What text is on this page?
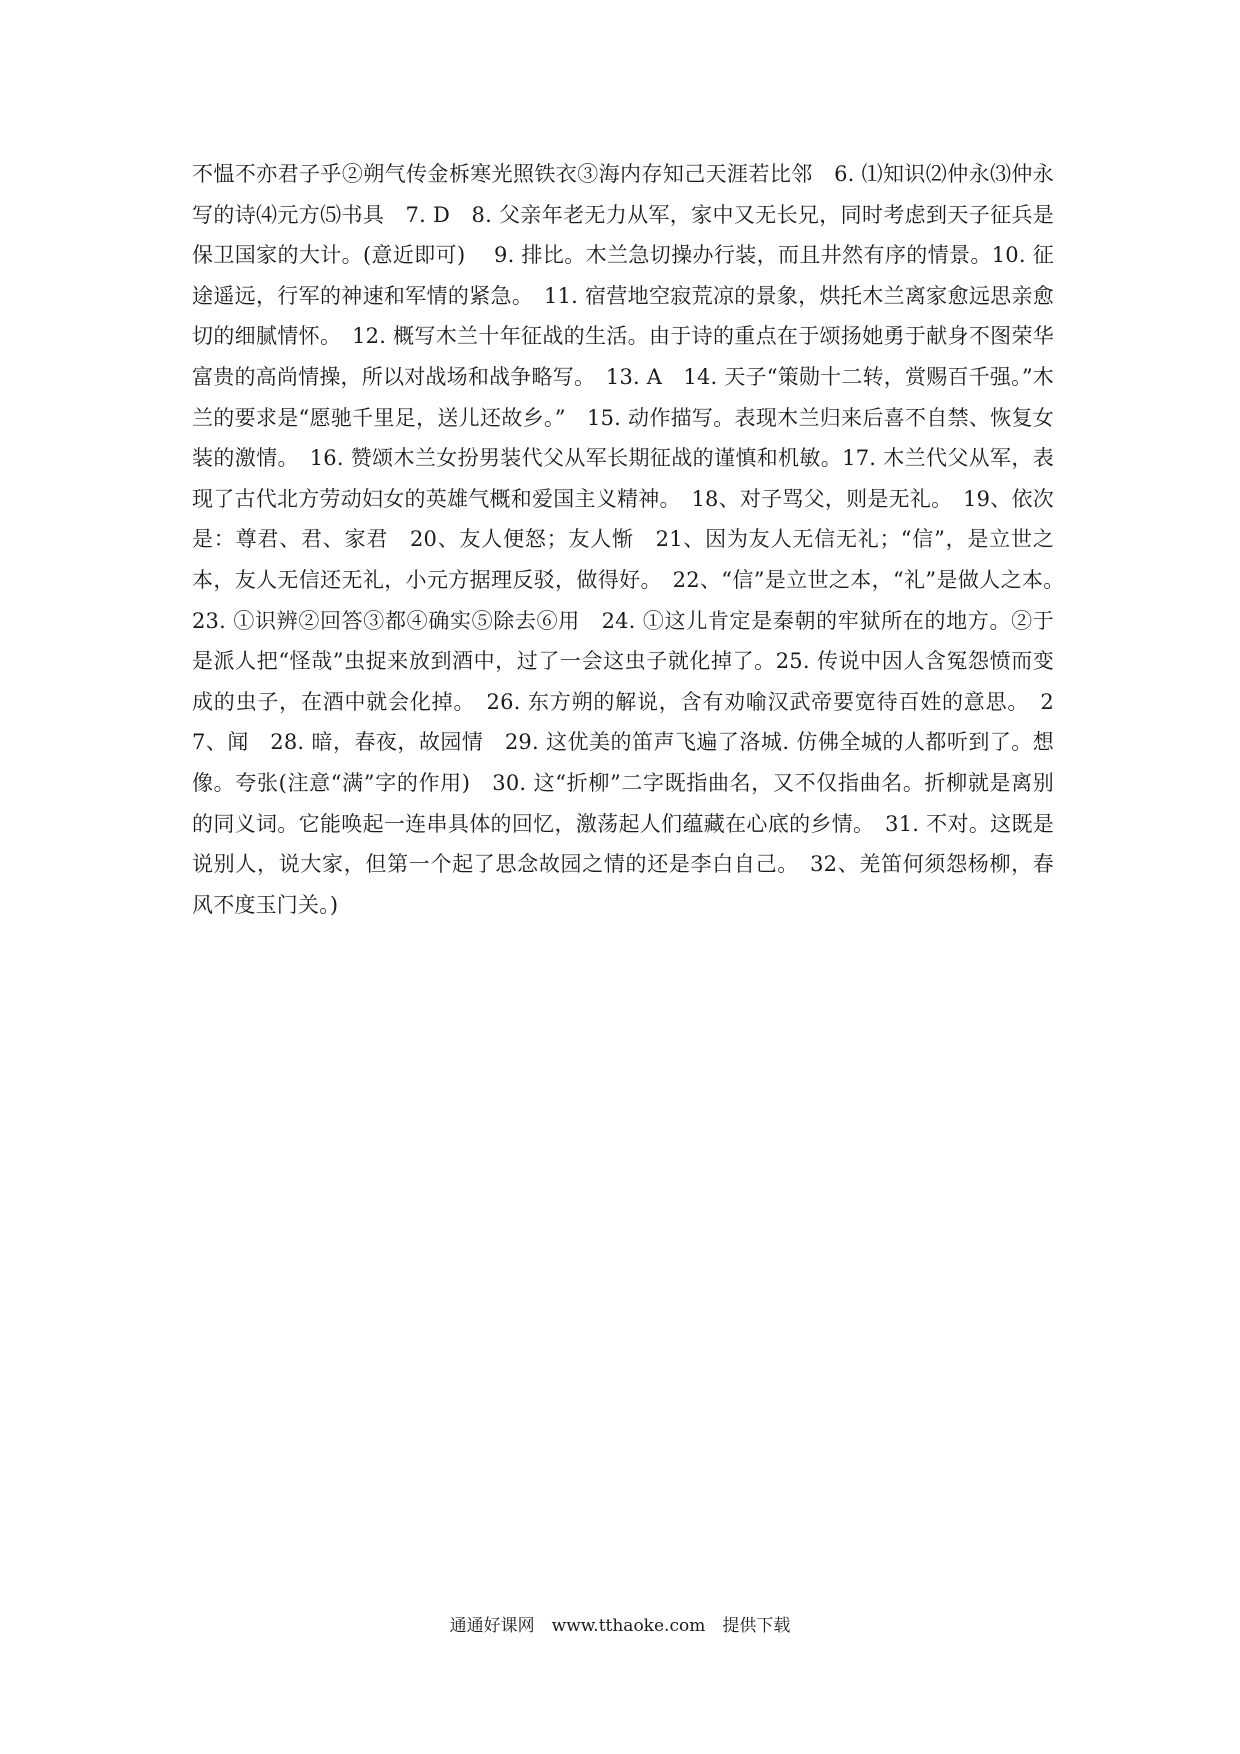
不愠不亦君子乎②朔气传金柝寒光照铁衣③海内存知己天涯若比邻　6. ⑴知识⑵仲永⑶仲永写的诗⑷元方⑸书具　7. D　8. 父亲年老无力从军，家中又无长兄，同时考虑到天子征兵是保卫国家的大计。(意近即可)　 9. 排比。木兰急切操办行装，而且井然有序的情景。10. 征途遥远，行军的神速和军情的紧急。　11. 宿营地空寂荒凉的景象，烘托木兰离家愈远思亲愈切的细腻情怀。　12. 概写木兰十年征战的生活。由于诗的重点在于颂扬她勇于献身不图荣华富贵的高尚情操，所以对战场和战争略写。　13. A　14. 天子“策勋十二转，赏赐百千强。”木兰的要求是“愿驰千里足，送儿还故乡。”　15. 动作描写。表现木兰归来后喜不自禁、恢复女装的激情。　16. 赞颂木兰女扮男装代父从军长期征战的谨慎和机敏。17. 木兰代父从军，表现了古代北方劳动妇女的英雄气概和爱国主义精神。　18、对子骂父，则是无礼。　19、依次是：尊君、君、家君　20、友人便怒；友人惭　21、因为友人无信无礼；“信”，是立世之本，友人无信还无礼，小元方据理反驳，做得好。　22、“信”是立世之本，“礼”是做人之本。　23. ①识辨②回答③都④确实⑤除去⑥用　24. ①这儿肯定是秦朝的牢狱所在的地方。②于是派人把“怪哉”虫捉来放到酒中，过了一会这虫子就化掉了。25. 传说中因人含冤怨愤而变成的虫子，在酒中就会化掉。　26. 东方朔的解说，含有劝喻汉武帝要宽待百姓的意思。　27、闻　28. 暗，春夜，故园情　29. 这优美的笛声飞遍了洛城. 仿佛全城的人都听到了。想像。夸张(注意“满”字的作用)　30. 这“折柳”二字既指曲名，又不仅指曲名。折柳就是离别的同义词。它能唤起一连串具体的回忆，激荡起人们蕴藏在心底的乡情。　31. 不对。这既是说别人，说大家，但第一个起了思念故园之情的还是李白自己。　32、羌笛何须怨杨柳，春风不度玉门关。)

通通好课网　www.tthaoke.com　提供下载
